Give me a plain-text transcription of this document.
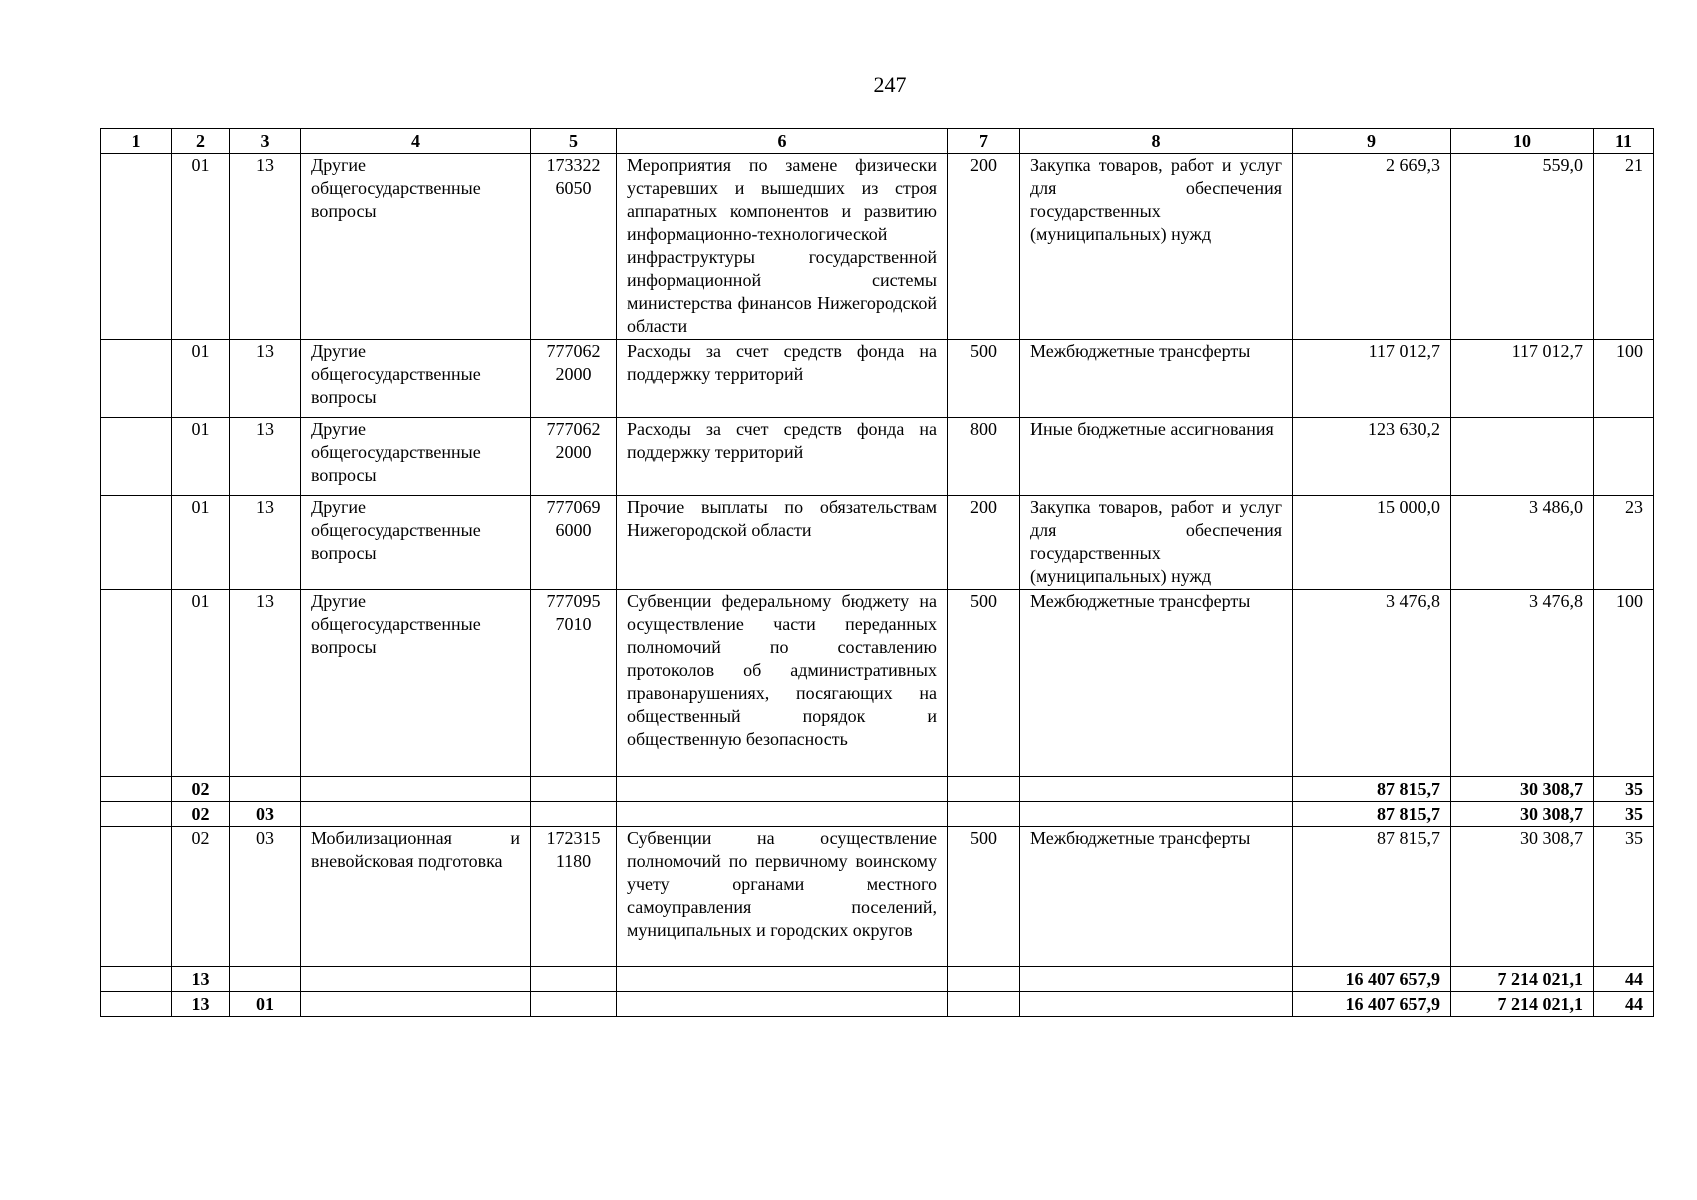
247
1	2	3	4	5	6	7	8	9	10	11
	01	13	Другие общегосударственные вопросы	173322 6050	Мероприятия по замене физически устаревших и вышедших из строя аппаратных компонентов и развитию информационно-технологической инфраструктуры государственной информационной системы министерства финансов Нижегородской области	200	Закупка товаров, работ и услуг для обеспечения государственных (муниципальных) нужд	2 669,3	559,0	21
	01	13	Другие общегосударственные вопросы	777062 2000	Расходы за счет средств фонда на поддержку территорий	500	Межбюджетные трансферты	117 012,7	117 012,7	100
	01	13	Другие общегосударственные вопросы	777062 2000	Расходы за счет средств фонда на поддержку территорий	800	Иные бюджетные ассигнования	123 630,2		
	01	13	Другие общегосударственные вопросы	777069 6000	Прочие выплаты по обязательствам Нижегородской области	200	Закупка товаров, работ и услуг для обеспечения государственных (муниципальных) нужд	15 000,0	3 486,0	23
	01	13	Другие общегосударственные вопросы	777095 7010	Субвенции федеральному бюджету на осуществление части переданных полномочий по составлению протоколов об административных правонарушениях, посягающих на общественный порядок и общественную безопасность	500	Межбюджетные трансферты	3 476,8	3 476,8	100
	02							87 815,7	30 308,7	35
	02	03						87 815,7	30 308,7	35
	02	03	Мобилизационная и вневойсковая подготовка	172315 1180	Субвенции на осуществление полномочий по первичному воинскому учету органами местного самоуправления поселений, муниципальных и городских округов	500	Межбюджетные трансферты	87 815,7	30 308,7	35
	13							16 407 657,9	7 214 021,1	44
	13	01						16 407 657,9	7 214 021,1	44
